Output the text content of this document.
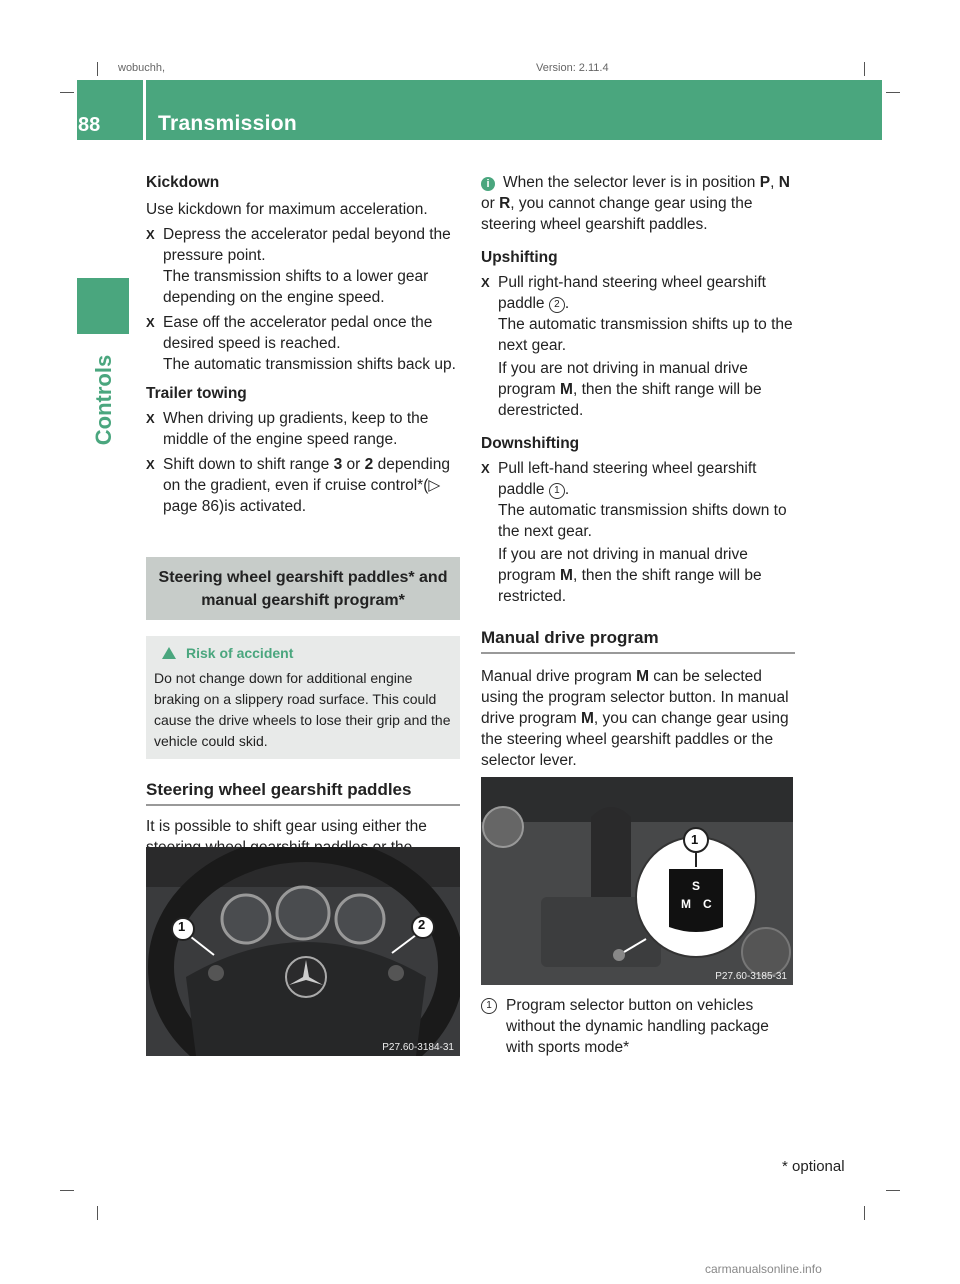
wobuchh,	Version: 2.11.4
88	Transmission
Controls

Kickdown

Use kickdown for maximum acceleration.

X Depress the accelerator pedal beyond the pressure point.

The transmission shifts to a lower gear depending on the engine speed.

X Ease off the accelerator pedal once the desired speed is reached.

The automatic transmission shifts back up.

Trailer towing

X When driving up gradients, keep to the middle of the engine speed range.

X Shift down to shift range 3 or 2 depending on the gradient, even if cruise control*(▷ page 86)is activated.

Steering wheel gearshift paddles* and manual gearshift program*
Risk of accident
Do not change down for additional engine braking on a slippery road surface. This could cause the drive wheels to lose their grip and the vehicle could skid.

Steering wheel gearshift paddles

It is possible to shift gear using either the

1	2
P27.60-3184-31

i When the selector lever is in position P, N or R, you cannot change gear using the steering wheel gearshift paddles.

Upshifting

X Pull right-hand steering wheel gearshift paddle 2 .

The automatic transmission shifts up to the next gear.

If you are not driving in manual drive program M, then the shift range will be derestricted.

Downshifting

X Pull left-hand steering wheel gearshift paddle 1 .

The automatic transmission shifts down to the next gear.

If you are not driving in manual drive program M, then the shift range will be restricted.

Manual drive program

Manual drive program M can be selected using the program selector button. In manual drive program M, you can change gear using the steering wheel gearshift paddles or the selector lever.

1
S
M C
P27.60-3185-31

1 Program selector button on vehicles without the dynamic handling package with sports mode*

* optional
carmanualsonline.info
